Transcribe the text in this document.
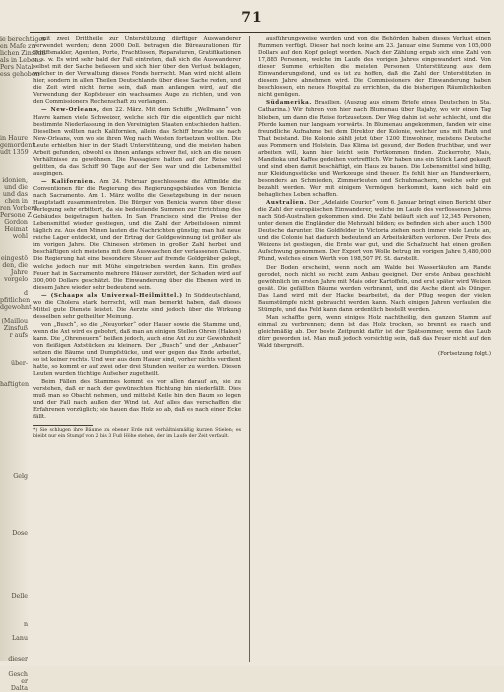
ie berechtiges
en Mafe zu
lichen Zinsfuß
als in Lebens
Pers Natal
ess gehoben
in Haure
gemordent
udt 1359
idonien,
und die
und das
chen in
ren Vorbert
Persone Z
Gordon
Heimat
wohl
eingestö
den, die
Jahre
vorgelo
d
pfitlichen
dgewohnt
(Maillou
Zinsfuß
r aufs
über-
haftigten
Gelg
Dose
Delle
n
Lanu
dieser
Gesch
er
Dalta
71

mit zwei Drittheile zur Unterstützung dürftiger Auswanderer verwendet werden; denn 2000 Doll. betragen die Büreaurationen für Schiffsmakler, Agenten, Porte, Frachtlosen, Reparaturen, Gratifikationen u. s. w. Es wird sehr bald der Fall eintreten, daß sich die Auswanderer selbst mit der Sache befassen und sich hier über den Verlust beklagen, welcher in der Verwaltung dieses Fonds herrscht. Man wird nicht allein hier, sondern in allen Theilen Deutschlands über diese Sache reden, und die Zeit wird nicht ferne sein, daß man anfangen wird, auf die Verwendung der Kopfsteuer ein wachsames Auge zu richten, und von den Commissioners Rechenschaft zu verlangen.

— New-Orleans, den 22. März. Mit dem Schiffe „Wellmann“ von Havre kamen viele Schweizer, welche sich für die eigentlich gar nicht bestimmte Niederlassung in den Vereinigten Staaten entschieden hatten. Dieselben wollten nach Kalifornien, allein das Schiff brachte sie nach New-Orleans, von wo sie ihren Weg nach Westen fortsetzen wollten. Die Leute erhielten hier in der Stadt Unterstützung, und die meisten haben Arbeit gefunden, obwohl es ihnen anfangs schwer fiel, sich an die neuen Verhältnisse zu gewöhnen. Die Passagiere hatten auf der Reise viel gelitten, da das Schiff 90 Tage auf der See war und die Lebensmittel ausgingen.

— Kalifornien. Am 24. Februar geschlossene die Affimilde die Conventionen für die Regierung des Regierungsgebäudes von Benicia nach Sacramento. Am 1. März wollte die Gesetzgebung in der neuen Hauptstadt zusammentreten. Die Bürger von Benicia waren über diese Verlegung sehr erbittert, da sie bedeutende Summen zur Errichtung des Gebäudes beigetragen hatten. In San Francisco sind die Preise der Lebensmittel wieder gestiegen, und die Zahl der Arbeitslosen nimmt täglich zu. Aus den Minen lauten die Nachrichten günstig; man hat neue reiche Lager entdeckt, und der Ertrag der Goldgewinnung ist größer als im vorigen Jahre. Die Chinesen strömen in großer Zahl herbei und beschäftigen sich meistens mit dem Auswaschen der verlassenen Claims. Die Regierung hat eine besondere Steuer auf fremde Goldgräber gelegt, welche jedoch nur mit Mühe eingetrieben werden kann. Ein großes Feuer hat in Sacramento mehrere Häuser zerstört, der Schaden wird auf 300,000 Dollars geschätzt. Die Einwanderung über die Ebenen wird in diesem Jahre wieder sehr bedeutend sein.

— (Schaaps als Universal-Heilmittel.) In Süddeutschland, wo die Cholera stark herrscht, will man bemerkt haben, daß dieses Mittel gute Dienste leistet. Die Aerzte sind jedoch über die Wirkung desselben sehr getheilter Meinung.

von „Busch“, so die „Neuyorker“ oder Hauer sowie die Stamme und, wenn die Axt wird es gebohrt, daß man an einigen Stellen Ohren (Haken) kann. Die „Ohreneuern“ heißen jedoch, auch eine Axt zu zur Gewohnheit von fleißigen Axtstücken zu kleinern. Der „Busch“ und der „Anbauer“ setzen die Bäume und Dumpfstücke, und wer gegen das Ende arbeitet, so ist keiner rechts. Und wer aus dem Hauer sind, vorher nichts verdient hatte, so kommt er auf zwei oder drei Stunden weiter zu werden. Diesen Leuten wurden tüchtige Aufseher zugetheilt.

Beim Fällen des Stammes kommt es vor allen darauf an, sie zu verstehen, daß er nach der gewünschten Richtung hin niederfällt. Dies muß man so Obacht nehmen, und mittelst Keile hin den Baum so legen und der Fall nach außen der Wind ist. Auf alles das verschaffen die Erfahrenen vorzüglich; sie hauen das Holz so ab, daß es nach einer Ecke fällt.

*) Sie schlugen ihre Bäume zu ebener Erde mit verhältnismäßig kurzen Stielen; es bleibt nur ein Stumpf von 2 bis 3 Fuß Höhe stehen, der im Laufe der Zeit verfault.

ausführungsweise werden und von die Behörden haben dieses Verlust einen Rummen verfügt. Dieser hat noch keine am 23. Januar eine Summe von 105,000 Dollars auf den Kopf gelegt worden. Nach der Zählung ergab sich eine Zahl von 17,885 Personen, welche im Laufe des vorigen Jahres eingewandert sind. Von dieser Summe erhielten die meisten Personen Unterstützung aus dem Einwanderungsfond, und es ist zu hoffen, daß die Zahl der Unterstützten in diesem Jahre abnehmen wird. Die Commissioners der Einwanderung haben beschlossen, ein neues Hospital zu errichten, da die bisherigen Räumlichkeiten nicht genügen.

Südamerika. Brasilien. (Auszug aus einem Briefe eines Deutschen in Sta. Catharina.) Wir fuhren von hier nach Blumenau über Itajahy, wo wir einen Tag blieben, um dann die Reise fortzusetzen. Der Weg dahin ist sehr schlecht, und die Pferde kamen nur langsam vorwärts. In Blumenau angekommen, fanden wir eine freundliche Aufnahme bei dem Direktor der Kolonie, welcher uns mit Rath und That beistand. Die Kolonie zählt jetzt über 1200 Einwohner, meistens Deutsche aus Pommern und Holstein. Das Klima ist gesund, der Boden fruchtbar, und wer arbeiten will, kann hier leicht sein Fortkommen finden. Zuckerrohr, Mais, Mandioka und Kaffee gedeihen vortrefflich. Wir haben uns ein Stück Land gekauft und sind eben damit beschäftigt, ein Haus zu bauen. Die Lebensmittel sind billig, nur Kleidungsstücke und Werkzeuge sind theuer. Es fehlt hier an Handwerkern, besonders an Schmieden, Zimmerleuten und Schuhmachern, welche sehr gut bezahlt werden. Wer mit einigem Vermögen herkommt, kann sich bald ein behagliches Leben schaffen.

Australien. Der „Adelaide Courier“ vom 6. Januar bringt einen Bericht über die Zahl der europäischen Einwanderer, welche im Laufe des verflossenen Jahres nach Süd-Australien gekommen sind. Die Zahl beläuft sich auf 12,345 Personen, unter denen die Engländer die Mehrzahl bilden; es befinden sich aber auch 1500 Deutsche darunter. Die Goldfelder in Victoria ziehen noch immer viele Leute an, und die Colonie hat dadurch bedeutend an Arbeitskräften verloren. Der Preis des Weizens ist gestiegen, die Ernte war gut, und die Schafzucht hat einen großen Aufschwung genommen. Der Export von Wolle betrug im vorigen Jahre 5,480,000 Pfund, welches einen Werth von 198,507 Pf. St. darstellt.

Der Boden erscheint, wenn noch am Walde bei Wasserläufen am Rande gerodet, noch nicht so recht zum Anbau geeignet. Der erste Anbau geschieht gewöhnlich im ersten Jahre mit Mais oder Kartoffeln, und erst später wird Weizen gesät. Die gefällten Bäume werden verbrannt, und die Asche dient als Dünger. Das Land wird mit der Hacke bearbeitet, da der Pflug wegen der vielen Baumstümpfe nicht gebraucht werden kann. Nach einigen Jahren verfaulen die Stümpfe, und das Feld kann dann ordentlich bestellt werden.

Man schaffte gern, wenn einiges Holz nachtheilig, den ganzen Stamm auf einmal zu verbrennen; denn ist das Holz trocken, so brennt es rasch und gleichmäßig ab. Der beste Zeitpunkt dafür ist der Spätsommer, wenn das Laub dürr geworden ist. Man muß jedoch vorsichtig sein, daß das Feuer nicht auf den Wald übergreift.

(Fortsetzung folgt.)
